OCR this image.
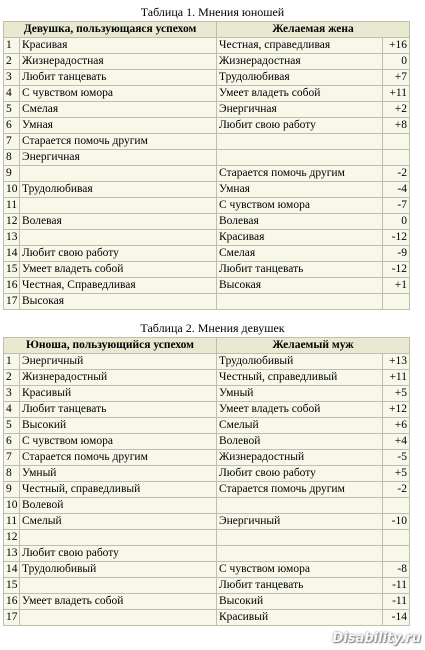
Таблица 1. Мнения юношей
Девушка, пользующаяся успехом		Желаемая жена	
1	Красивая	Честная, справедливая	+16
2	Жизнерадостная	Жизнерадостная	0
3	Любит танцевать	Трудолюбивая	+7
4	С чувством юмора	Умеет владеть собой	+11
5	Смелая	Энергичная	+2
6	Умная	Любит свою работу	+8
7	Старается помочь другим		
8	Энергичная		
9		Старается помочь другим	-2
10	Трудолюбивая	Умная	-4
11		С чувством юмора	-7
12	Волевая	Волевая	0
13		Красивая	-12
14	Любит свою работу	Смелая	-9
15	Умеет владеть собой	Любит танцевать	-12
16	Честная, Справедливая	Высокая	+1
17	Высокая		
Таблица 2. Мнения девушек
Юноша, пользующийся успехом		Желаемый муж	
1	Энергичный	Трудолюбивый	+13
2	Жизнерадостный	Честный, справедливый	+11
3	Красивый	Умный	+5
4	Любит танцевать	Умеет владеть собой	+12
5	Высокий	Смелый	+6
6	С чувством юмора	Волевой	+4
7	Старается помочь другим	Жизнерадостный	-5
8	Умный	Любит свою работу	+5
9	Честный, справедливый	Старается помочь другим	-2
10	Волевой		
11	Смелый	Энергичный	-10
12			
13	Любит свою работу		
14	Трудолюбивый	С чувством юмора	-8
15		Любит танцевать	-11
16	Умеет владеть собой	Высокий	-11
17		Красивый	-14
Disability.ru
